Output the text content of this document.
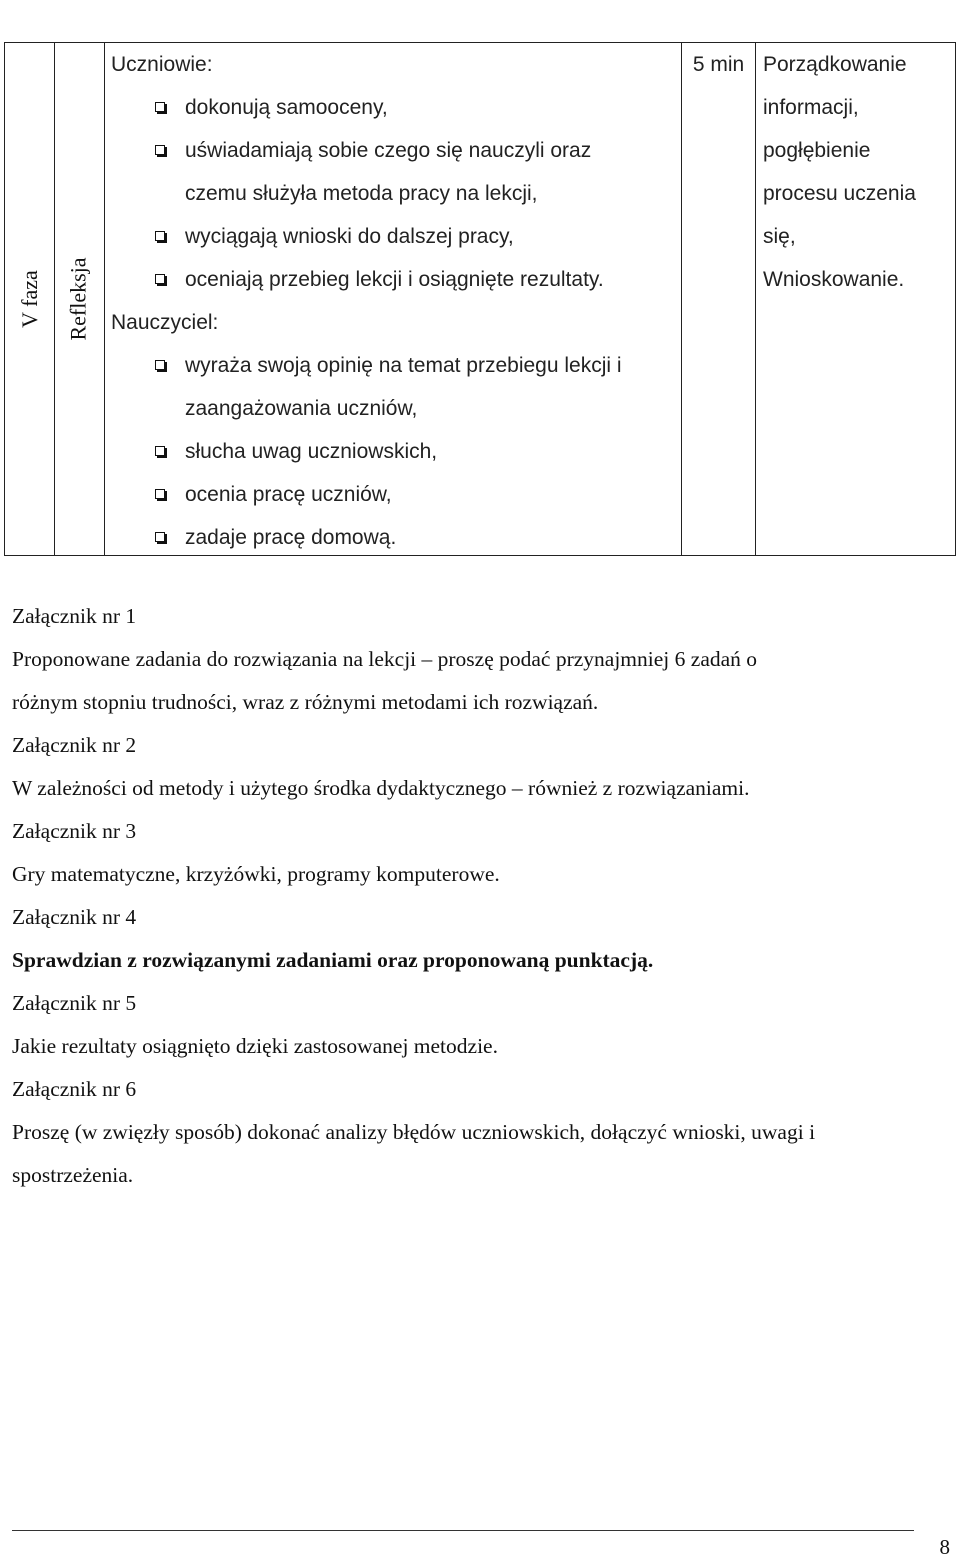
V faza Refleksja
Uczniowie:
dokonują samooceny,
uświadamiają sobie czego się nauczyli oraz
czemu służyła metoda pracy na lekcji,
wyciągają wnioski do dalszej pracy,
oceniają przebieg lekcji i osiągnięte rezultaty.
Nauczyciel:
wyraża swoją opinię na temat przebiegu lekcji i
zaangażowania uczniów,
słucha uwag uczniowskich,
ocenia pracę uczniów,
zadaje pracę domową.
5 min Porządkowanie
informacji,
pogłębienie
procesu uczenia
się,
Wnioskowanie.
Załącznik nr 1
Proponowane zadania do rozwiązania na lekcji – proszę podać przynajmniej 6 zadań o
różnym stopniu trudności, wraz z różnymi metodami ich rozwiązań.
Załącznik nr 2
W zależności od metody i użytego środka dydaktycznego – również z rozwiązaniami.
Załącznik nr 3
Gry matematyczne, krzyżówki, programy komputerowe.
Załącznik nr 4
Sprawdzian z rozwiązanymi zadaniami oraz proponowaną punktacją.
Załącznik nr 5
Jakie rezultaty osiągnięto dzięki zastosowanej metodzie.
Załącznik nr 6
Proszę (w zwięzły sposób) dokonać analizy błędów uczniowskich, dołączyć wnioski, uwagi i
spostrzeżenia.
8
